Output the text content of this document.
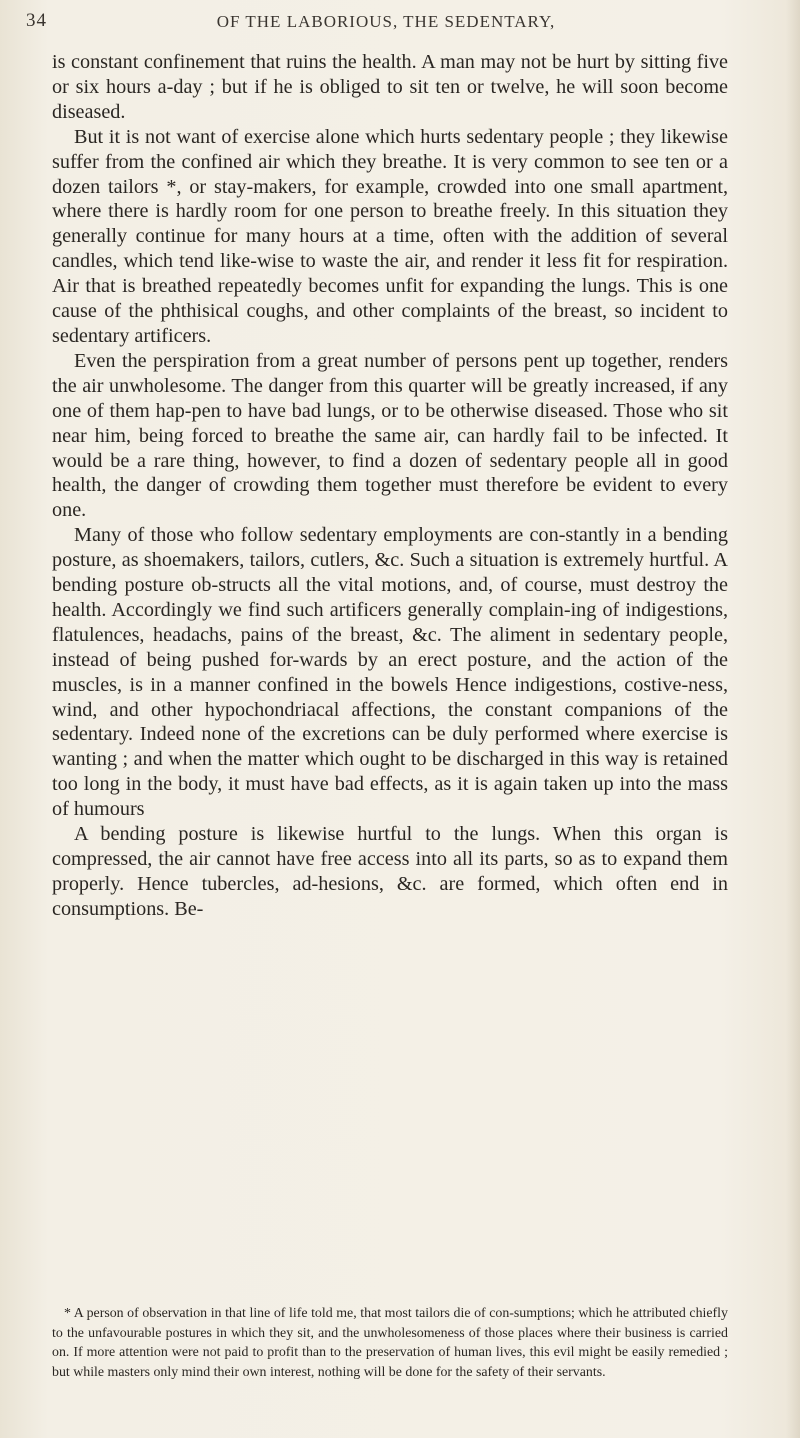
34	OF THE LABORIOUS, THE SEDENTARY,

is constant confinement that ruins the health. A man may not be hurt by sitting five or six hours a-day ; but if he is obliged to sit ten or twelve, he will soon become diseased.

But it is not want of exercise alone which hurts sedentary people ; they likewise suffer from the confined air which they breathe. It is very common to see ten or a dozen tailors *, or stay-makers, for example, crowded into one small apartment, where there is hardly room for one person to breathe freely. In this situation they generally continue for many hours at a time, often with the addition of several candles, which tend like-wise to waste the air, and render it less fit for respiration. Air that is breathed repeatedly becomes unfit for expanding the lungs. This is one cause of the phthisical coughs, and other complaints of the breast, so incident to sedentary artificers.

Even the perspiration from a great number of persons pent up together, renders the air unwholesome. The danger from this quarter will be greatly increased, if any one of them hap-pen to have bad lungs, or to be otherwise diseased. Those who sit near him, being forced to breathe the same air, can hardly fail to be infected. It would be a rare thing, however, to find a dozen of sedentary people all in good health, the danger of crowding them together must therefore be evident to every one.

Many of those who follow sedentary employments are con-stantly in a bending posture, as shoemakers, tailors, cutlers, &c. Such a situation is extremely hurtful. A bending posture ob-structs all the vital motions, and, of course, must destroy the health. Accordingly we find such artificers generally complain-ing of indigestions, flatulences, headachs, pains of the breast, &c. The aliment in sedentary people, instead of being pushed for-wards by an erect posture, and the action of the muscles, is in a manner confined in the bowels Hence indigestions, costive-ness, wind, and other hypochondriacal affections, the constant companions of the sedentary. Indeed none of the excretions can be duly performed where exercise is wanting ; and when the matter which ought to be discharged in this way is retained too long in the body, it must have bad effects, as it is again taken up into the mass of humours

A bending posture is likewise hurtful to the lungs. When this organ is compressed, the air cannot have free access into all its parts, so as to expand them properly. Hence tubercles, ad-hesions, &c. are formed, which often end in consumptions. Be-

* A person of observation in that line of life told me, that most tailors die of con-sumptions; which he attributed chiefly to the unfavourable postures in which they sit, and the unwholesomeness of those places where their business is carried on. If more attention were not paid to profit than to the preservation of human lives, this evil might be easily remedied ; but while masters only mind their own interest, nothing will be done for the safety of their servants.
